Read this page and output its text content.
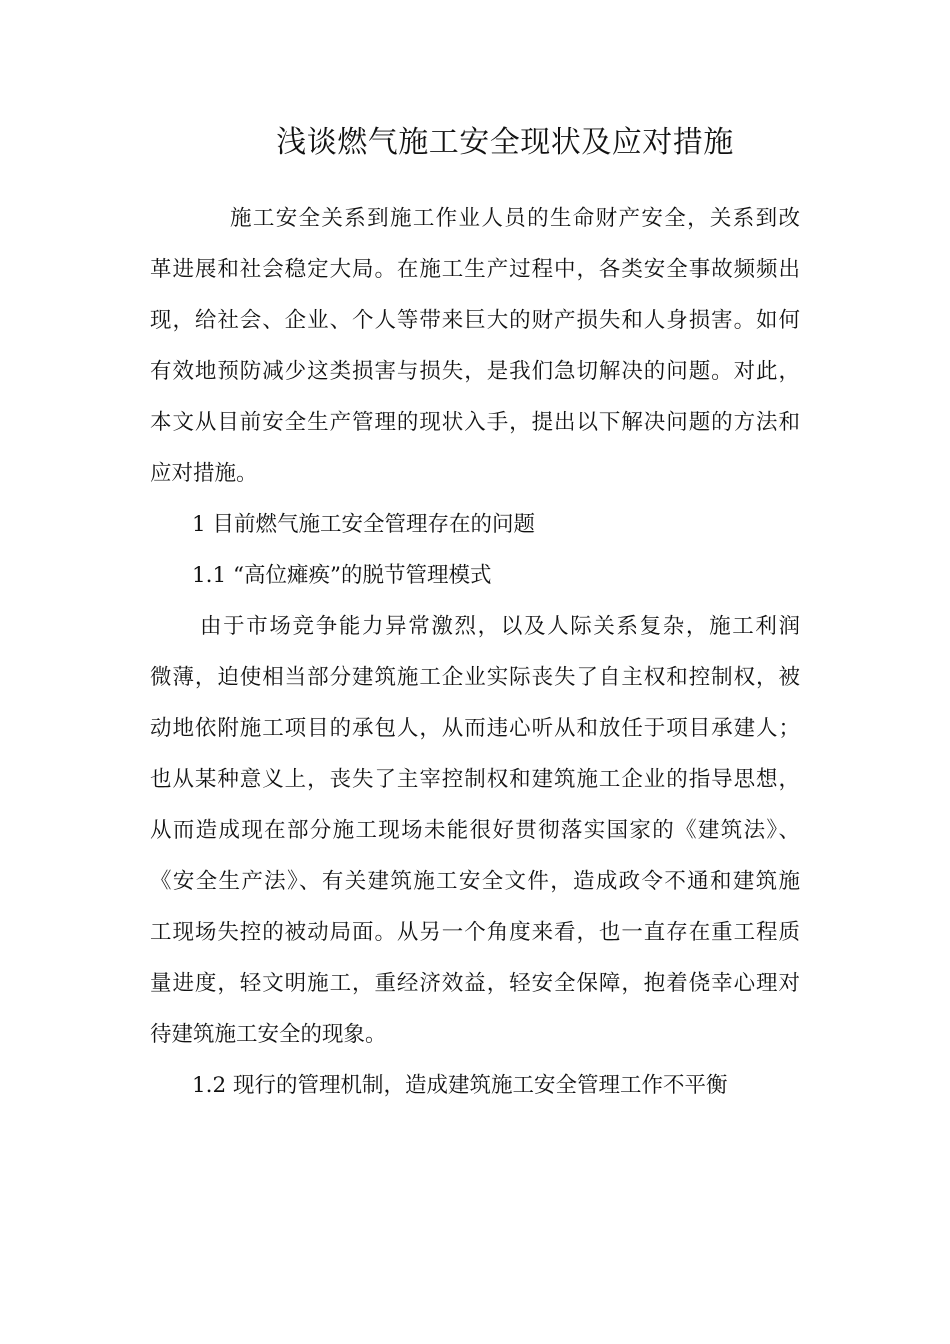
浅谈燃气施工安全现状及应对措施
施工安全关系到施工作业人员的生命财产安全，关系到改
革进展和社会稳定大局。在施工生产过程中，各类安全事故频频出
现，给社会、企业、个人等带来巨大的财产损失和人身损害。如何
有效地预防减少这类损害与损失，是我们急切解决的问题。对此，
本文从目前安全生产管理的现状入手，提出以下解决问题的方法和
应对措施。
1 目前燃气施工安全管理存在的问题
1.1 “高位瘫痪”的脱节管理模式
由于市场竞争能力异常激烈，以及人际关系复杂，施工利润
微薄，迫使相当部分建筑施工企业实际丧失了自主权和控制权，被
动地依附施工项目的承包人，从而违心听从和放任于项目承建人；
也从某种意义上，丧失了主宰控制权和建筑施工企业的指导思想，
从而造成现在部分施工现场未能很好贯彻落实国家的《建筑法》、
《安全生产法》、有关建筑施工安全文件，造成政令不通和建筑施
工现场失控的被动局面。从另一个角度来看，也一直存在重工程质
量进度，轻文明施工，重经济效益，轻安全保障，抱着侥幸心理对
待建筑施工安全的现象。
1.2 现行的管理机制，造成建筑施工安全管理工作不平衡
